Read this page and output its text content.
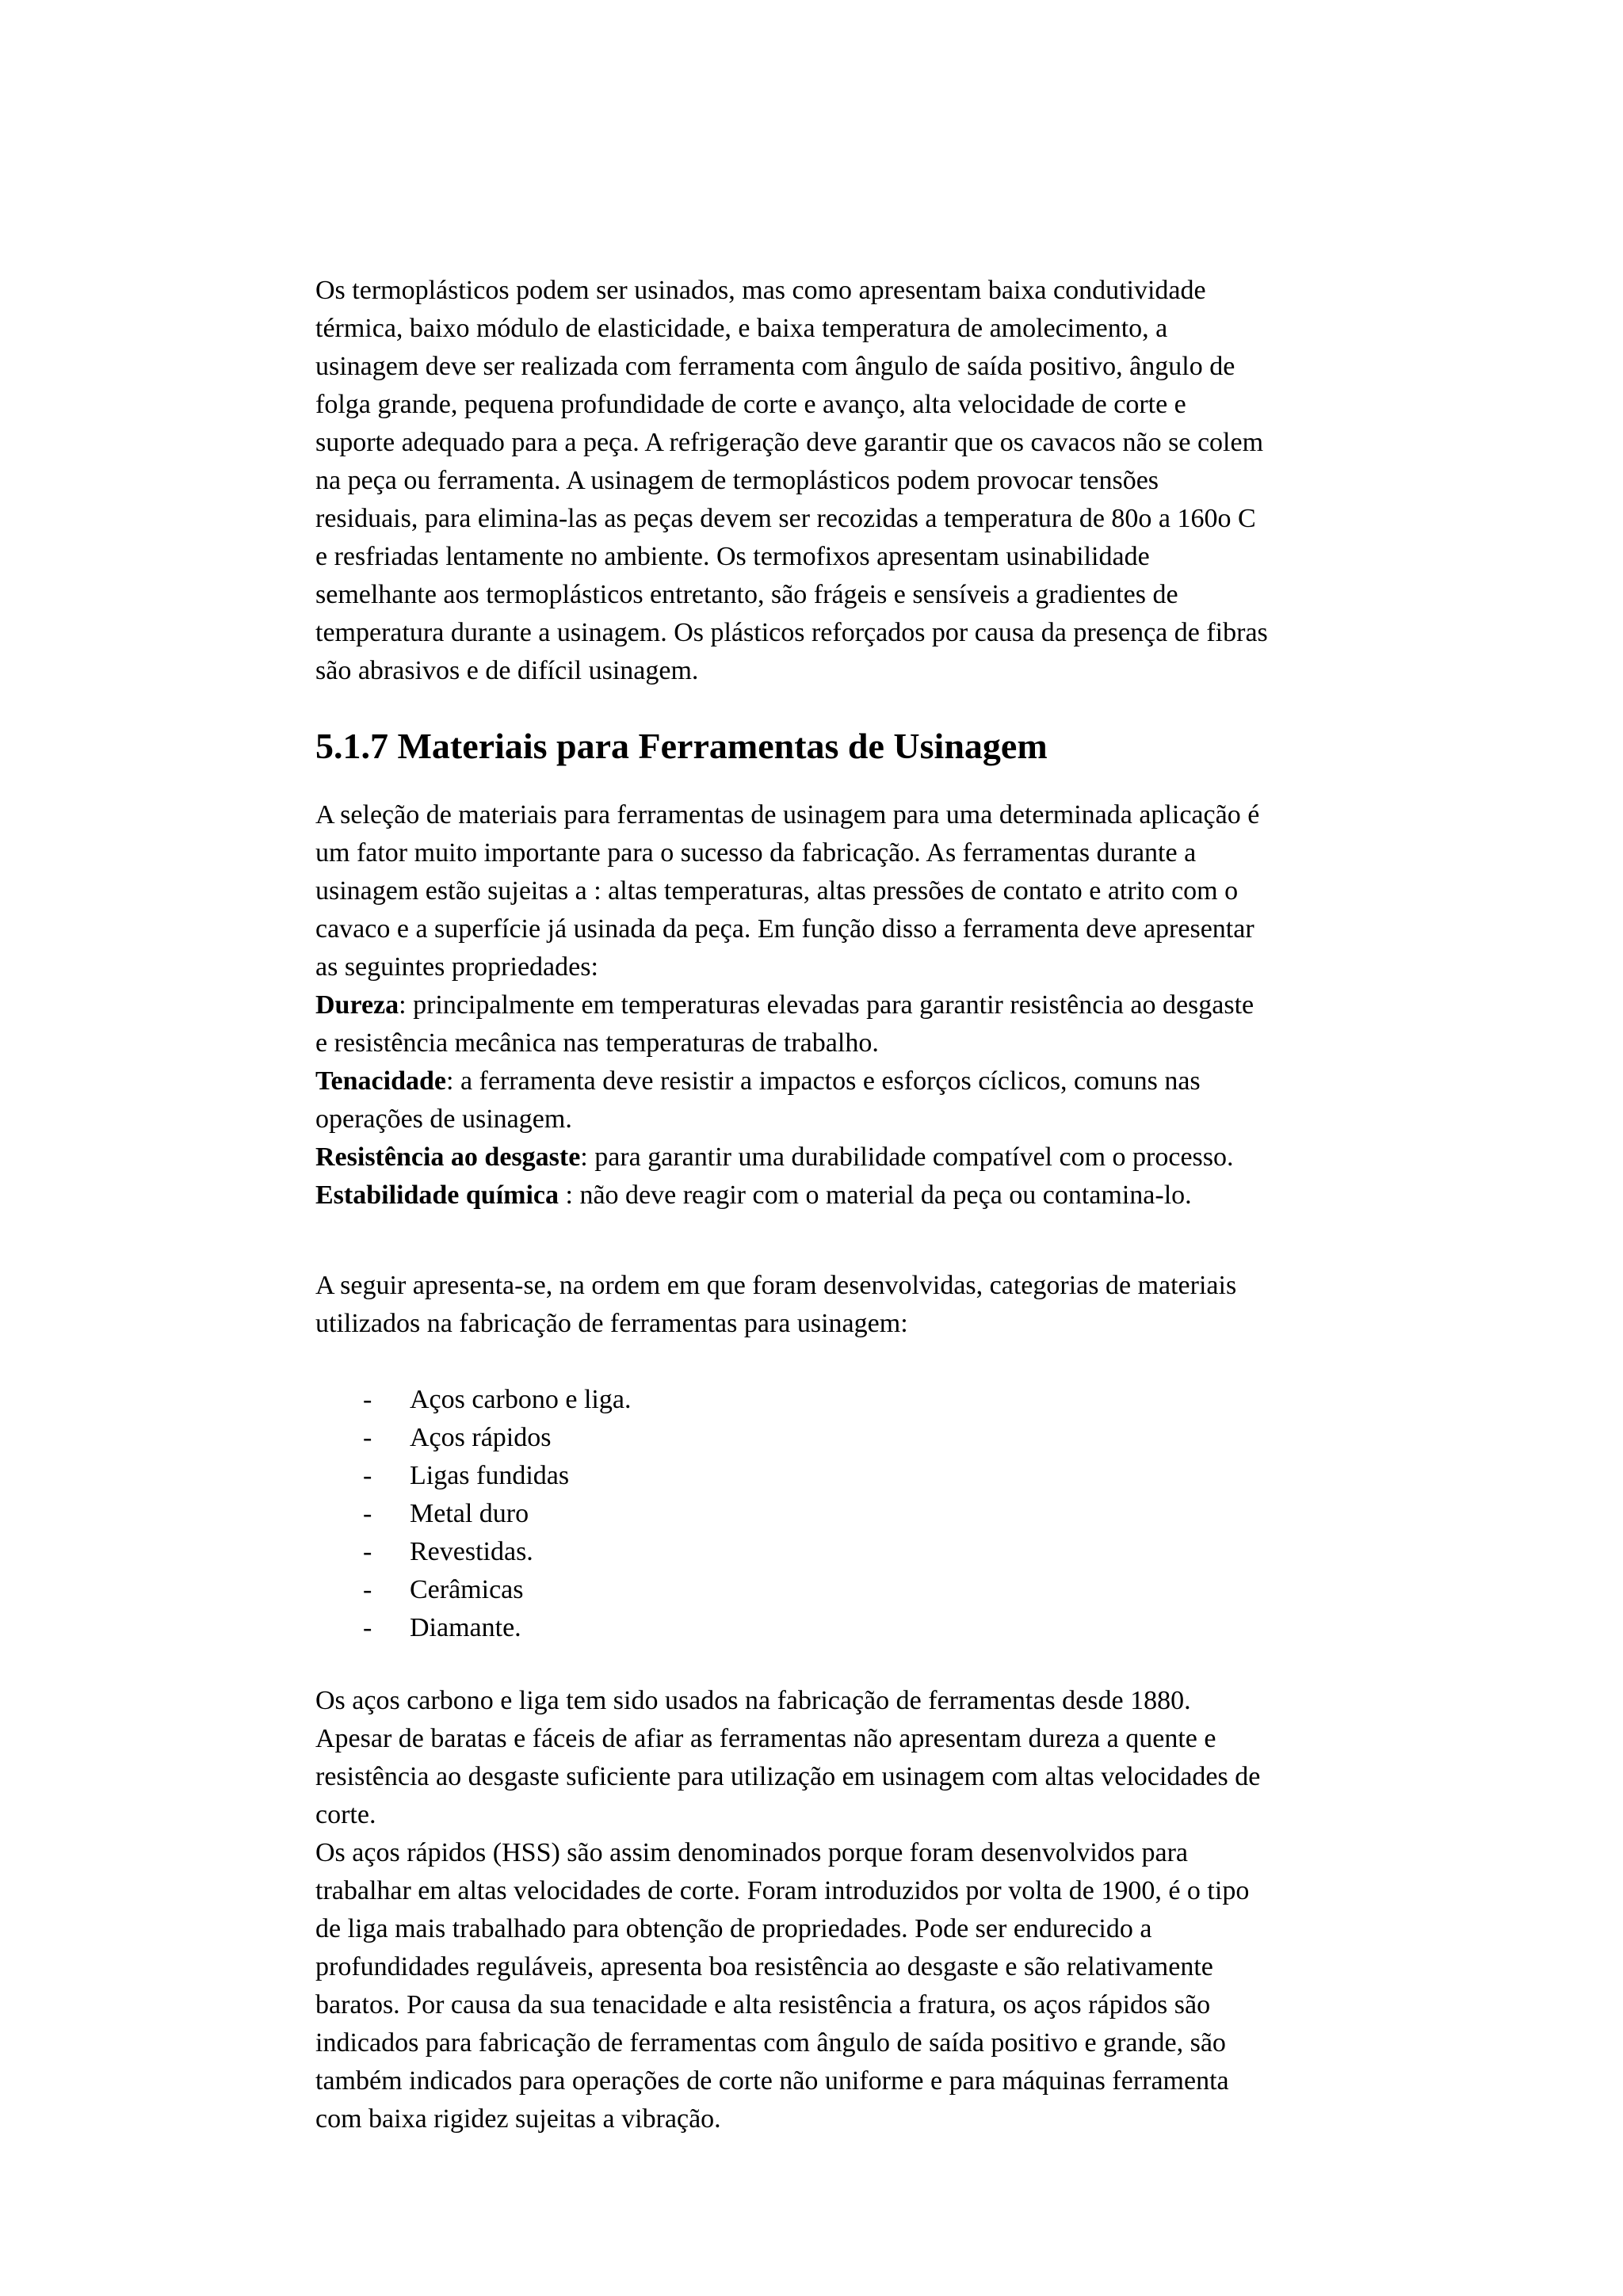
Os termoplásticos podem ser usinados, mas como apresentam baixa condutividade
térmica, baixo módulo de elasticidade, e baixa temperatura de amolecimento, a
usinagem deve ser realizada com ferramenta com ângulo de saída positivo, ângulo de
folga grande, pequena profundidade de corte e avanço, alta velocidade de corte e
suporte adequado para a peça. A refrigeração deve garantir que os cavacos não se colem
na peça ou ferramenta. A usinagem de termoplásticos podem provocar tensões
residuais, para elimina-las as peças devem ser recozidas a temperatura de 80o a 160o C
e resfriadas lentamente no ambiente. Os termofixos apresentam usinabilidade
semelhante aos termoplásticos entretanto, são frágeis e sensíveis a gradientes de
temperatura durante a usinagem. Os plásticos reforçados por causa da presença de fibras
são abrasivos e de difícil usinagem.
5.1.7 Materiais para Ferramentas de Usinagem
A seleção de materiais para ferramentas de usinagem para uma determinada aplicação é
um fator muito importante para o sucesso da fabricação. As ferramentas durante a
usinagem estão sujeitas a : altas temperaturas, altas pressões de contato e atrito com o
cavaco e a superfície já usinada da peça. Em função disso a ferramenta deve apresentar
as seguintes propriedades:
Dureza: principalmente em temperaturas elevadas para garantir resistência ao desgaste
e resistência mecânica nas temperaturas de trabalho.
Tenacidade: a ferramenta deve resistir a impactos e esforços cíclicos, comuns nas
operações de usinagem.
Resistência ao desgaste: para garantir uma durabilidade compatível com o processo.
Estabilidade química : não deve reagir com o material da peça ou contamina-lo.
A seguir apresenta-se, na ordem em que foram desenvolvidas, categorias de materiais
utilizados na fabricação de ferramentas para usinagem:
- Aços carbono e liga.
- Aços rápidos
- Ligas fundidas
- Metal duro
- Revestidas.
- Cerâmicas
- Diamante.
Os aços carbono e liga tem sido usados na fabricação de ferramentas desde 1880.
Apesar de baratas e fáceis de afiar as ferramentas não apresentam dureza a quente e
resistência ao desgaste suficiente para utilização em usinagem com altas velocidades de
corte.
Os aços rápidos (HSS) são assim denominados porque foram desenvolvidos para
trabalhar em altas velocidades de corte. Foram introduzidos por volta de 1900, é o tipo
de liga mais trabalhado para obtenção de propriedades. Pode ser endurecido a
profundidades reguláveis, apresenta boa resistência ao desgaste e são relativamente
baratos. Por causa da sua tenacidade e alta resistência a fratura, os aços rápidos são
indicados para fabricação de ferramentas com ângulo de saída positivo e grande, são
também indicados para operações de corte não uniforme e para máquinas ferramenta
com baixa rigidez sujeitas a vibração.
